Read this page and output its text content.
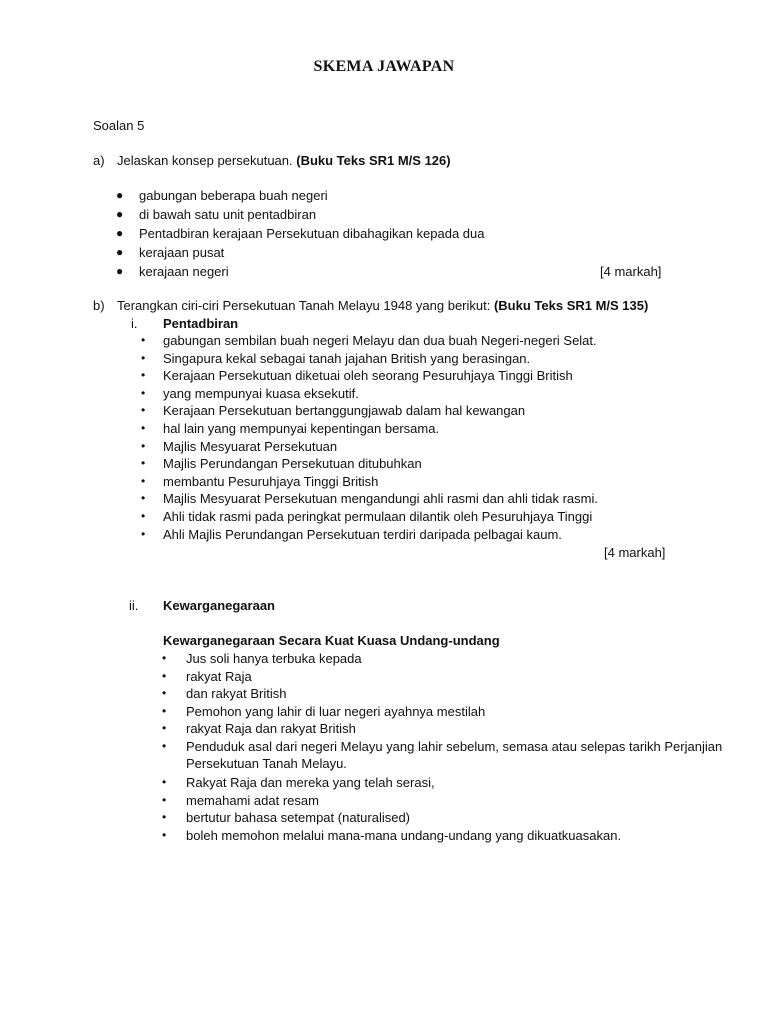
SKEMA JAWAPAN
Soalan 5
a) Jelaskan konsep persekutuan. (Buku Teks SR1 M/S 126)
● gabungan beberapa buah negeri
● di bawah satu unit pentadbiran
● Pentadbiran kerajaan Persekutuan dibahagikan kepada dua
● kerajaan pusat
● kerajaan negeri	[4 markah]
b) Terangkan ciri-ciri Persekutuan Tanah Melayu 1948 yang berikut: (Buku Teks SR1 M/S 135)
i. Pentadbiran
• gabungan sembilan buah negeri Melayu dan dua buah Negeri-negeri Selat.
• Singapura kekal sebagai tanah jajahan British yang berasingan.
• Kerajaan Persekutuan diketuai oleh seorang Pesuruhjaya Tinggi British
• yang mempunyai kuasa eksekutif.
• Kerajaan Persekutuan bertanggungjawab dalam hal kewangan
• hal lain yang mempunyai kepentingan bersama.
• Majlis Mesyuarat Persekutuan
• Majlis Perundangan Persekutuan ditubuhkan
• membantu Pesuruhjaya Tinggi British
• Majlis Mesyuarat Persekutuan mengandungi ahli rasmi dan ahli tidak rasmi.
• Ahli tidak rasmi pada peringkat permulaan dilantik oleh Pesuruhjaya Tinggi
• Ahli Majlis Perundangan Persekutuan terdiri daripada pelbagai kaum.
[4 markah]
ii. Kewarganegaraan
Kewarganegaraan Secara Kuat Kuasa Undang-undang
• Jus soli hanya terbuka kepada
• rakyat Raja
• dan rakyat British
• Pemohon yang lahir di luar negeri ayahnya mestilah
• rakyat Raja dan rakyat British
• Penduduk asal dari negeri Melayu yang lahir sebelum, semasa atau selepas tarikh Perjanjian Persekutuan Tanah Melayu.
• Rakyat Raja dan mereka yang telah serasi,
• memahami adat resam
• bertutur bahasa setempat (naturalised)
• boleh memohon melalui mana-mana undang-undang yang dikuatkuasakan.
